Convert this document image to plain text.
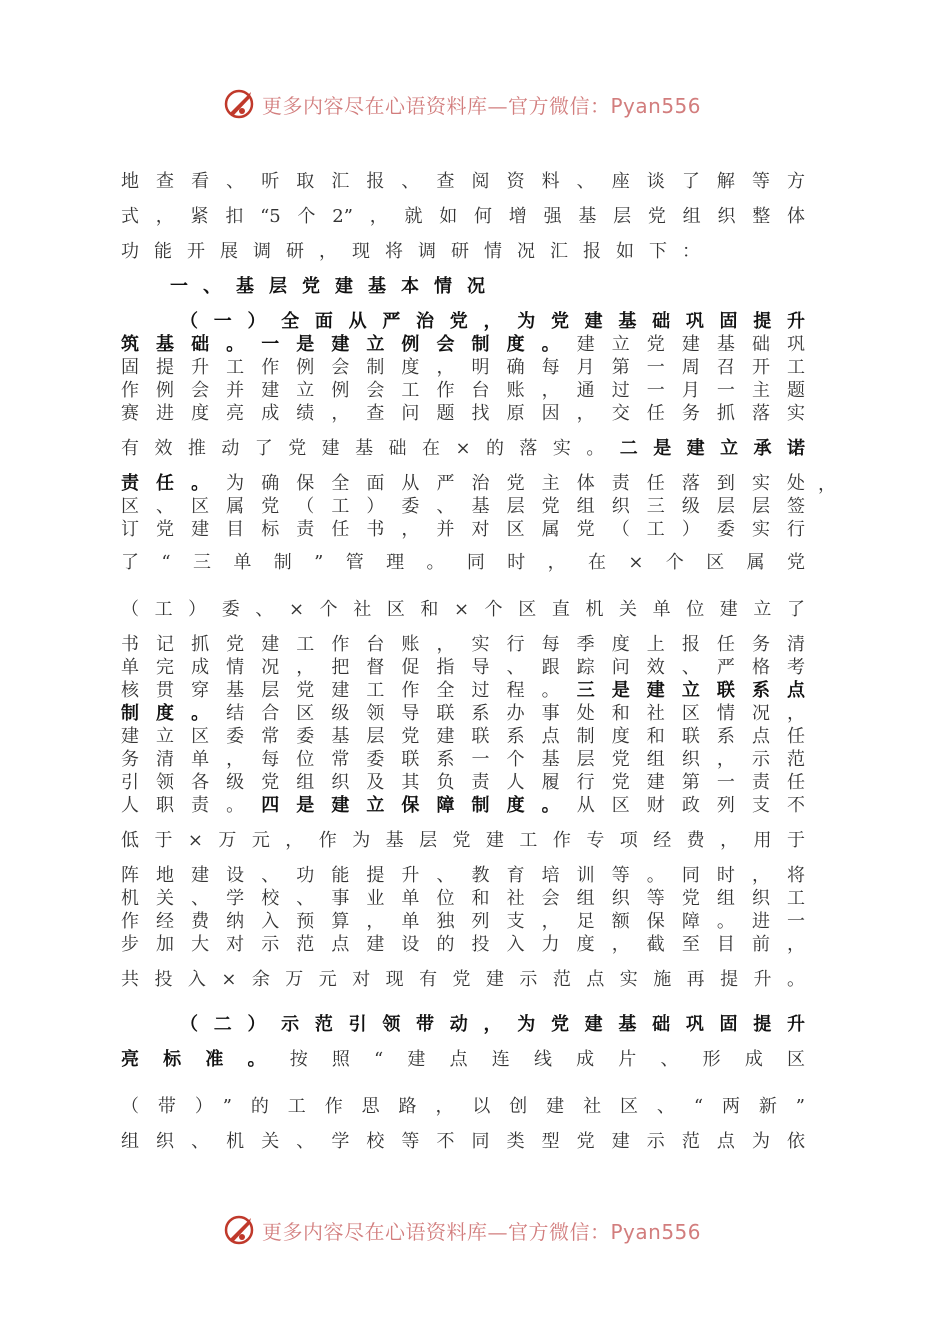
更多内容尽在心语资料库—官方微信：Pyan556
地查看、听取汇报、查阅资料、座谈了解等方
式，紧扣“5个2”，就如何增强基层党组织整体
功能开展调研，现将调研情况汇报如下：
一、基层党建基本情况
（一）全面从严治党，为党建基础巩固提升
筑基础。一是建立例会制度。建立党建基础巩
固提升工作例会制度，明确每月第一周召开工
作例会并建立例会工作台账，通过一月一主题
赛进度亮成绩，查问题找原因，交任务抓落实
有效推动了党建基础在×的落实。二是建立承诺
责任。为确保全面从严治党主体责任落到实处
区、区属党（工）委、基层党组织三级层层签
订党建目标责任书，并对区属党（工）委实行
了“三单制”管理。同时，在×个区属党
（工）委、×个社区和×个区直机关单位建立了
书记抓党建工作台账，实行每季度上报任务清
单完成情况，把督促指导、跟踪问效、严格考
核贯穿基层党建工作全过程。三是建立联系点
制度。结合区级领导联系办事处和社区情况，
建立区委常委基层党建联系点制度和联系点任
务清单，每位常委联系一个基层党组织，示范
引领各级党组织及其负责人履行党建第一责任
人职责。四是建立保障制度。从区财政列支不
低于×万元，作为基层党建工作专项经费，用于
阵地建设、功能提升、教育培训等。同时，将
机关、学校、事业单位和社会组织等党组织工
作经费纳入预算，单独列支，足额保障。进一
步加大对示范点建设的投入力度，截至目前，
共投入×余万元对现有党建示范点实施再提升。
（二）示范引领带动，为党建基础巩固提升
亮标准。按照“建点连线成片、形成区
（带）”的工作思路，以创建社区、“两新”
组织、机关、学校等不同类型党建示范点为依
，
更多内容尽在心语资料库—官方微信：Pyan556
